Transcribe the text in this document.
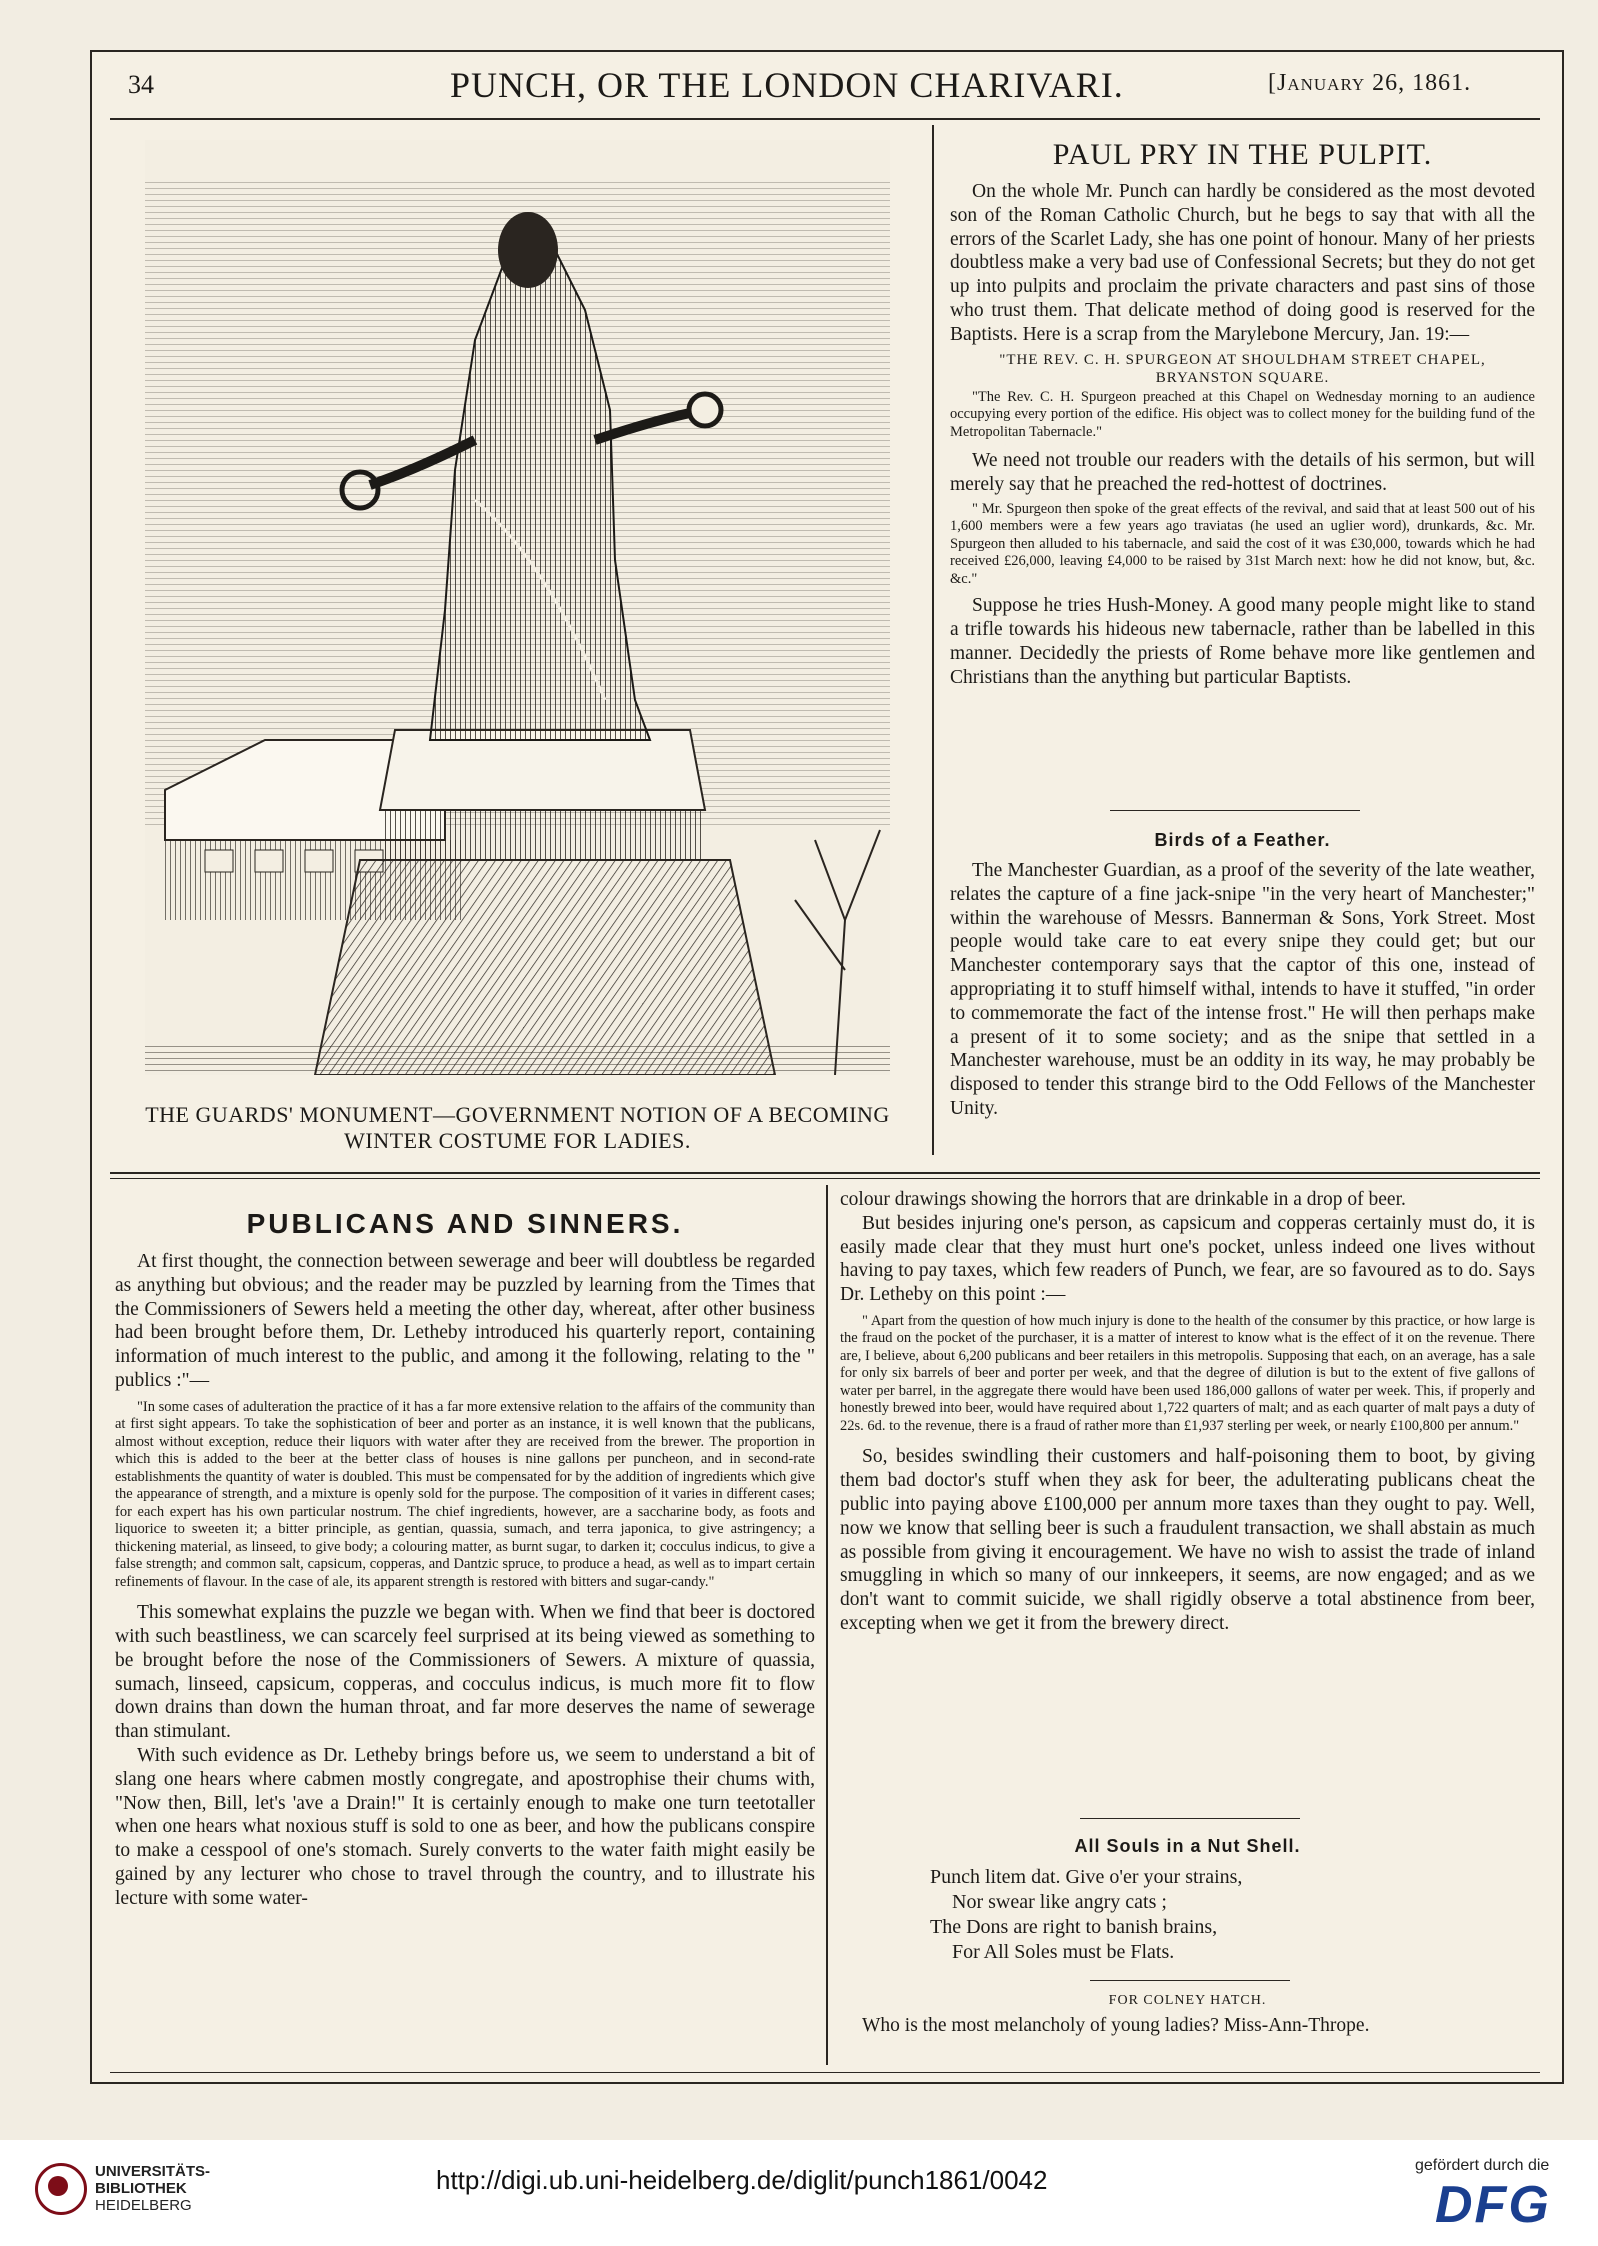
34	PUNCH, OR THE LONDON CHARIVARI.	[January 26, 1861.
THE GUARDS' MONUMENT—GOVERNMENT NOTION OF A BECOMING
WINTER COSTUME FOR LADIES.
PAUL PRY IN THE PULPIT.

On the whole Mr. Punch can hardly be considered as the most devoted son of the Roman Catholic Church, but he begs to say that with all the errors of the Scarlet Lady, she has one point of honour. Many of her priests doubtless make a very bad use of Confessional Secrets; but they do not get up into pulpits and proclaim the private characters and past sins of those who trust them. That delicate method of doing good is reserved for the Baptists. Here is a scrap from the Marylebone Mercury, Jan. 19:—

"THE REV. C. H. SPURGEON AT SHOULDHAM STREET CHAPEL, BRYANSTON SQUARE.

"The Rev. C. H. Spurgeon preached at this Chapel on Wednesday morning to an audience occupying every portion of the edifice. His object was to collect money for the building fund of the Metropolitan Tabernacle."

We need not trouble our readers with the details of his sermon, but will merely say that he preached the red-hottest of doctrines.

" Mr. Spurgeon then spoke of the great effects of the revival, and said that at least 500 out of his 1,600 members were a few years ago traviatas (he used an uglier word), drunkards, &c. Mr. Spurgeon then alluded to his tabernacle, and said the cost of it was £30,000, towards which he had received £26,000, leaving £4,000 to be raised by 31st March next: how he did not know, but, &c. &c."

Suppose he tries Hush-Money. A good many people might like to stand a trifle towards his hideous new tabernacle, rather than be labelled in this manner. Decidedly the priests of Rome behave more like gentlemen and Christians than the anything but particular Baptists.

Birds of a Feather.

The Manchester Guardian, as a proof of the severity of the late weather, relates the capture of a fine jack-snipe "in the very heart of Manchester;" within the warehouse of Messrs. Bannerman & Sons, York Street. Most people would take care to eat every snipe they could get; but our Manchester contemporary says that the captor of this one, instead of appropriating it to stuff himself withal, intends to have it stuffed, "in order to commemorate the fact of the intense frost." He will then perhaps make a present of it to some society; and as the snipe that settled in a Manchester warehouse, must be an oddity in its way, he may probably be disposed to tender this strange bird to the Odd Fellows of the Manchester Unity.

PUBLICANS AND SINNERS.

At first thought, the connection between sewerage and beer will doubtless be regarded as anything but obvious; and the reader may be puzzled by learning from the Times that the Commissioners of Sewers held a meeting the other day, whereat, after other business had been brought before them, Dr. Letheby introduced his quarterly report, containing information of much interest to the public, and among it the following, relating to the " publics :"—

"In some cases of adulteration the practice of it has a far more extensive relation to the affairs of the community than at first sight appears. To take the sophistication of beer and porter as an instance, it is well known that the publicans, almost without exception, reduce their liquors with water after they are received from the brewer. The proportion in which this is added to the beer at the better class of houses is nine gallons per puncheon, and in second-rate establishments the quantity of water is doubled. This must be compensated for by the addition of ingredients which give the appearance of strength, and a mixture is openly sold for the purpose. The composition of it varies in different cases; for each expert has his own particular nostrum. The chief ingredients, however, are a saccharine body, as foots and liquorice to sweeten it; a bitter principle, as gentian, quassia, sumach, and terra japonica, to give astringency; a thickening material, as linseed, to give body; a colouring matter, as burnt sugar, to darken it; cocculus indicus, to give a false strength; and common salt, capsicum, copperas, and Dantzic spruce, to produce a head, as well as to impart certain refinements of flavour. In the case of ale, its apparent strength is restored with bitters and sugar-candy."

This somewhat explains the puzzle we began with. When we find that beer is doctored with such beastliness, we can scarcely feel surprised at its being viewed as something to be brought before the nose of the Commissioners of Sewers. A mixture of quassia, sumach, linseed, capsicum, copperas, and cocculus indicus, is much more fit to flow down drains than down the human throat, and far more deserves the name of sewerage than stimulant.

With such evidence as Dr. Letheby brings before us, we seem to understand a bit of slang one hears where cabmen mostly congregate, and apostrophise their chums with, "Now then, Bill, let's 'ave a Drain!" It is certainly enough to make one turn teetotaller when one hears what noxious stuff is sold to one as beer, and how the publicans conspire to make a cesspool of one's stomach. Surely converts to the water faith might easily be gained by any lecturer who chose to travel through the country, and to illustrate his lecture with some water-

colour drawings showing the horrors that are drinkable in a drop of beer.

But besides injuring one's person, as capsicum and copperas certainly must do, it is easily made clear that they must hurt one's pocket, unless indeed one lives without having to pay taxes, which few readers of Punch, we fear, are so favoured as to do. Says Dr. Letheby on this point :—

" Apart from the question of how much injury is done to the health of the consumer by this practice, or how large is the fraud on the pocket of the purchaser, it is a matter of interest to know what is the effect of it on the revenue. There are, I believe, about 6,200 publicans and beer retailers in this metropolis. Supposing that each, on an average, has a sale for only six barrels of beer and porter per week, and that the degree of dilution is but to the extent of five gallons of water per barrel, in the aggregate there would have been used 186,000 gallons of water per week. This, if properly and honestly brewed into beer, would have required about 1,722 quarters of malt; and as each quarter of malt pays a duty of 22s. 6d. to the revenue, there is a fraud of rather more than £1,937 sterling per week, or nearly £100,800 per annum."

So, besides swindling their customers and half-poisoning them to boot, by giving them bad doctor's stuff when they ask for beer, the adulterating publicans cheat the public into paying above £100,000 per annum more taxes than they ought to pay. Well, now we know that selling beer is such a fraudulent transaction, we shall abstain as much as possible from giving it encouragement. We have no wish to assist the trade of inland smuggling in which so many of our innkeepers, it seems, are now engaged; and as we don't want to commit suicide, we shall rigidly observe a total abstinence from beer, excepting when we get it from the brewery direct.

All Souls in a Nut Shell.
Punch litem dat. Give o'er your strains,
Nor swear like angry cats ;
The Dons are right to banish brains,
For All Soles must be Flats.

FOR COLNEY HATCH.

Who is the most melancholy of young ladies? Miss-Ann-Thrope.

UNIVERSITÄTS-
BIBLIOTHEK
HEIDELBERG
http://digi.ub.uni-heidelberg.de/diglit/punch1861/0042	gefördert durch die
DFG
